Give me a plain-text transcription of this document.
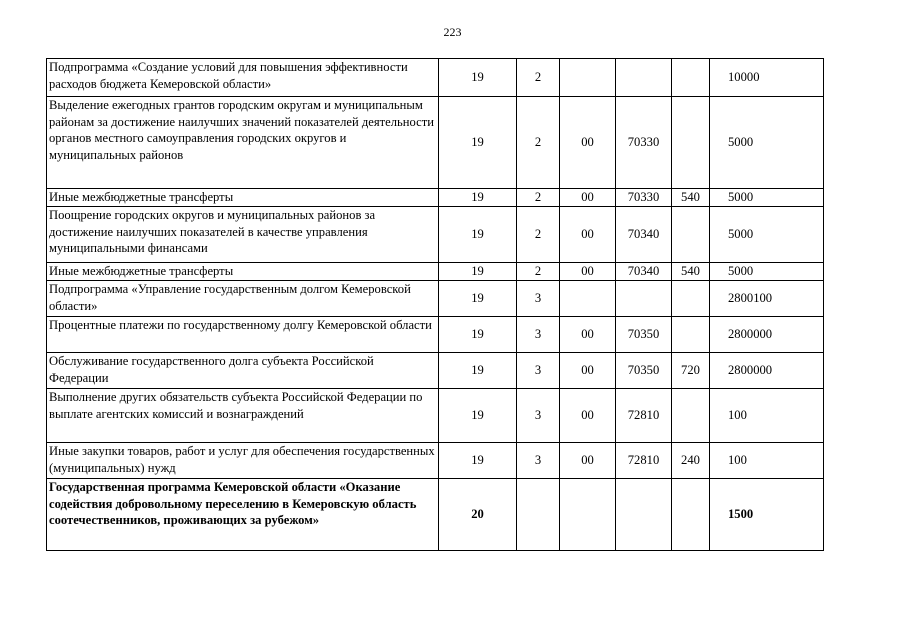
223
Подпрограмма «Создание условий для повышения эффективности расходов бюджета Кемеровской области»	19	2				10000
Выделение ежегодных грантов городским округам и муниципальным районам за достижение наилучших значений показателей деятельности органов местного самоуправления городских округов и муниципальных районов	19	2	00	70330		5000
Иные межбюджетные трансферты	19	2	00	70330	540	5000
Поощрение городских округов и муниципальных районов за достижение наилучших показателей в качестве управления муниципальными финансами	19	2	00	70340		5000
Иные межбюджетные трансферты	19	2	00	70340	540	5000
Подпрограмма «Управление государственным долгом Кемеровской области»	19	3				2800100
Процентные платежи по государственному долгу Кемеровской области	19	3	00	70350		2800000
Обслуживание государственного долга субъекта Российской Федерации	19	3	00	70350	720	2800000
Выполнение других обязательств субъекта Российской Федерации по выплате агентских комиссий и вознаграждений	19	3	00	72810		100
Иные закупки товаров, работ и услуг для обеспечения государственных (муниципальных) нужд	19	3	00	72810	240	100
Государственная программа Кемеровской области «Оказание содействия добровольному переселению в Кемеровскую область соотечественников, проживающих за рубежом»	20					1500
